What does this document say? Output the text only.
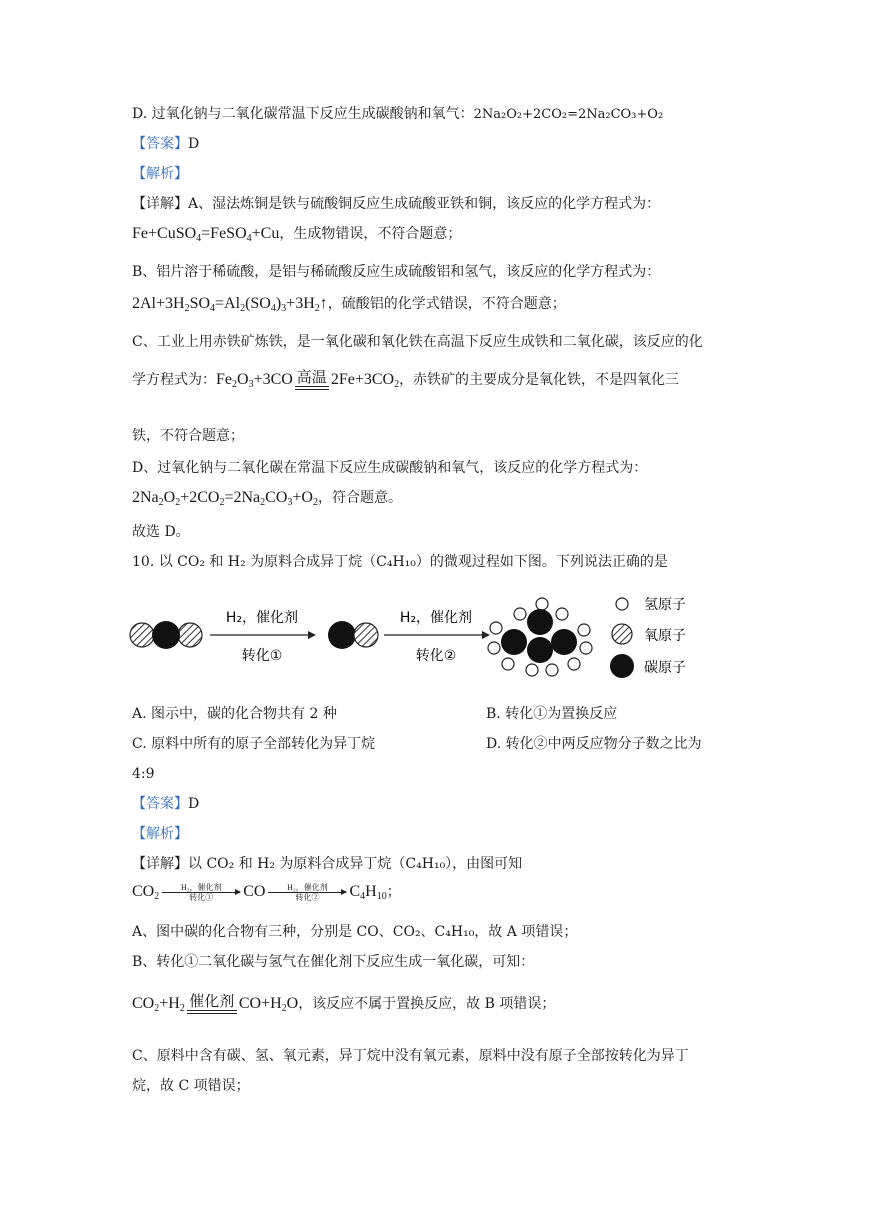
D. 过氧化钠与二氧化碳常温下反应生成碳酸钠和氧气：2Na₂O₂+2CO₂=2Na₂CO₃+O₂
【答案】D
【解析】
【详解】A、湿法炼铜是铁与硫酸铜反应生成硫酸亚铁和铜，该反应的化学方程式为：
Fe+CuSO$_4$=FeSO$_4$+Cu，生成物错误，不符合题意；
B、铝片溶于稀硫酸，是铝与稀硫酸反应生成硫酸铝和氢气，该反应的化学方程式为：
$2Al+3H_2SO_4=Al_2(SO_4)_3+3H_2↑$，硫酸铝的化学式错误，不符合题意；
C、工业上用赤铁矿炼铁，是一氧化碳和氧化铁在高温下反应生成铁和二氧化碳，该反应的化
学方程式为：$Fe_2O_3+3CO$ 高温 $2Fe+3CO_2$，赤铁矿的主要成分是氧化铁，不是四氧化三
铁，不符合题意；
D、过氧化钠与二氧化碳在常温下反应生成碳酸钠和氧气，该反应的化学方程式为：
$2Na_2O_2+2CO_2=2Na_2CO_3+O_2$，符合题意。
故选 D。
10. 以 CO₂ 和 H₂ 为原料合成异丁烷（C₄H₁₀）的微观过程如下图。下列说法正确的是
H₂，催化剂
转化①
H₂，催化剂
转化②
氢原子
氧原子
碳原子
A. 图示中，碳的化合物共有 2 种	B. 转化①为置换反应
C. 原料中所有的原子全部转化为异丁烷	D. 转化②中两反应物分子数之比为
4:9
【答案】D
【解析】
【详解】以 CO₂ 和 H₂ 为原料合成异丁烷（C₄H₁₀），由图可知
$CO_2$
H₂，催化剂
转化①	CO	H₂，催化剂
转化②	$C_4H_{10}$；
A、图中碳的化合物有三种，分别是 CO、CO₂、C₄H₁₀，故 A 项错误；
B、转化①二氧化碳与氢气在催化剂下反应生成一氧化碳，可知：
$CO_2+H_2$ 催化剂 $CO+H_2O$，该反应不属于置换反应，故 B 项错误；
C、原料中含有碳、氢、氧元素，异丁烷中没有氧元素，原料中没有原子全部按转化为异丁
烷，故 C 项错误；
